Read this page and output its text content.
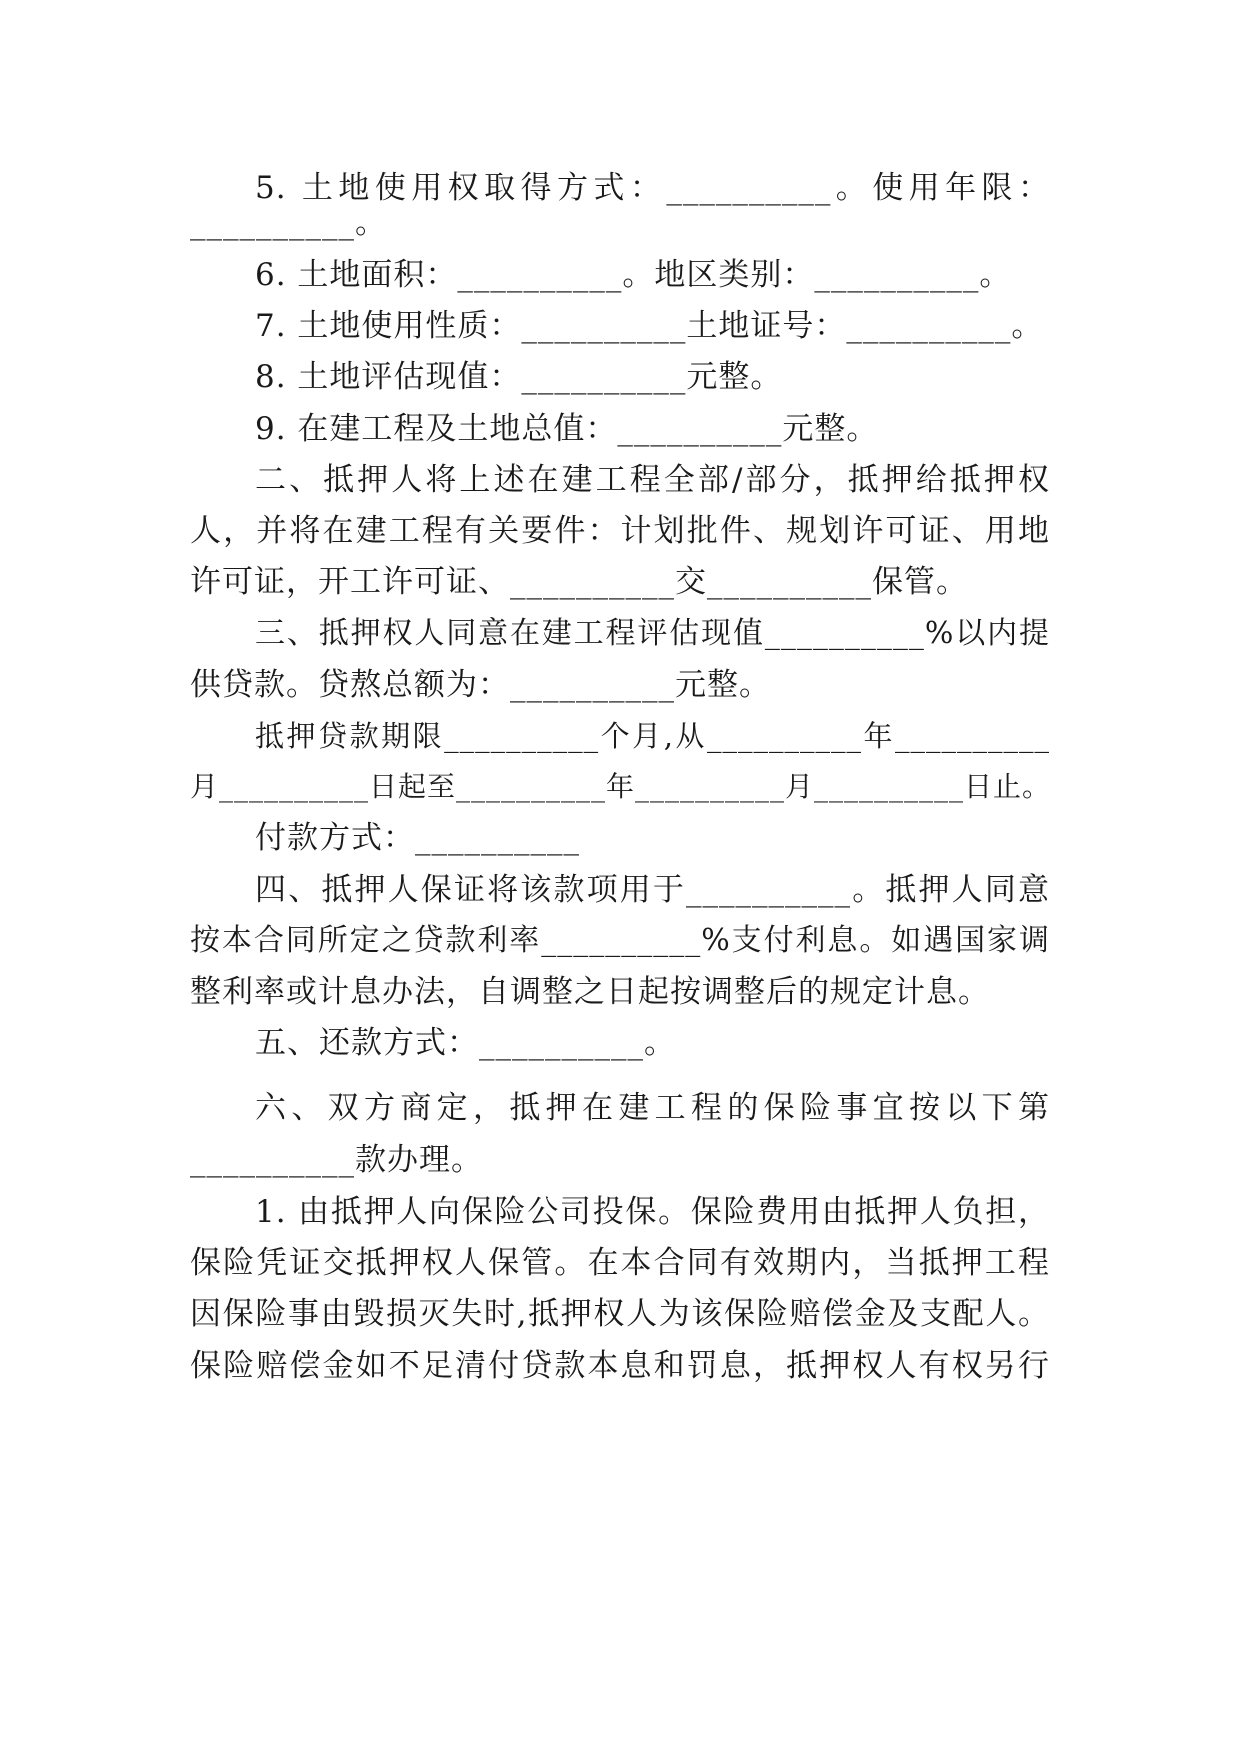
5. 土地使用权取得方式：__________。使用年限：
__________。
6. 土地面积：__________。地区类别：__________。
7. 土地使用性质：__________土地证号：__________。
8. 土地评估现值：__________元整。
9. 在建工程及土地总值：__________元整。
二、抵押人将上述在建工程全部/部分，抵押给抵押权
人，并将在建工程有关要件：计划批件、规划许可证、用地
许可证，开工许可证、__________交__________保管。
三、抵押权人同意在建工程评估现值__________%以内提
供贷款。贷熬总额为：__________元整。
抵押贷款期限__________个月,从__________年__________
月__________日起至__________年__________月__________日止。
付款方式：__________
四、抵押人保证将该款项用于__________。抵押人同意
按本合同所定之贷款利率__________%支付利息。如遇国家调
整利率或计息办法，自调整之日起按调整后的规定计息。
五、还款方式：__________。
六、双方商定，抵押在建工程的保险事宜按以下第
__________款办理。
1. 由抵押人向保险公司投保。保险费用由抵押人负担，
保险凭证交抵押权人保管。在本合同有效期内，当抵押工程
因保险事由毁损灭失时,抵押权人为该保险赔偿金及支配人。
保险赔偿金如不足清付贷款本息和罚息，抵押权人有权另行
